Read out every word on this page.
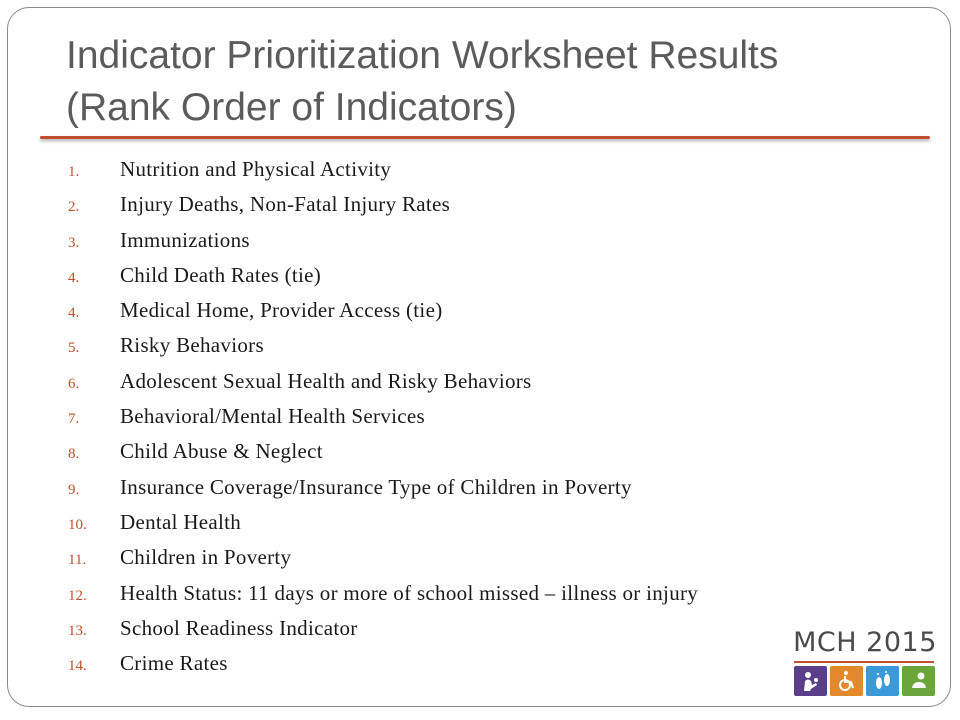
Indicator Prioritization Worksheet Results
(Rank Order of Indicators)
1.	Nutrition and Physical Activity
2.	Injury Deaths, Non-Fatal Injury Rates
3.	Immunizations
4.	Child Death Rates (tie)
4.	Medical Home, Provider Access (tie)
5.	Risky Behaviors
6.	Adolescent Sexual Health and Risky Behaviors
7.	Behavioral/Mental Health Services
8.	Child Abuse & Neglect
9.	Insurance Coverage/Insurance Type of Children in Poverty
10.	Dental Health
11.	Children in Poverty
12.	Health Status: 11 days or more of school missed – illness or injury
13.	School Readiness Indicator
14.	Crime Rates
MCH 2015
